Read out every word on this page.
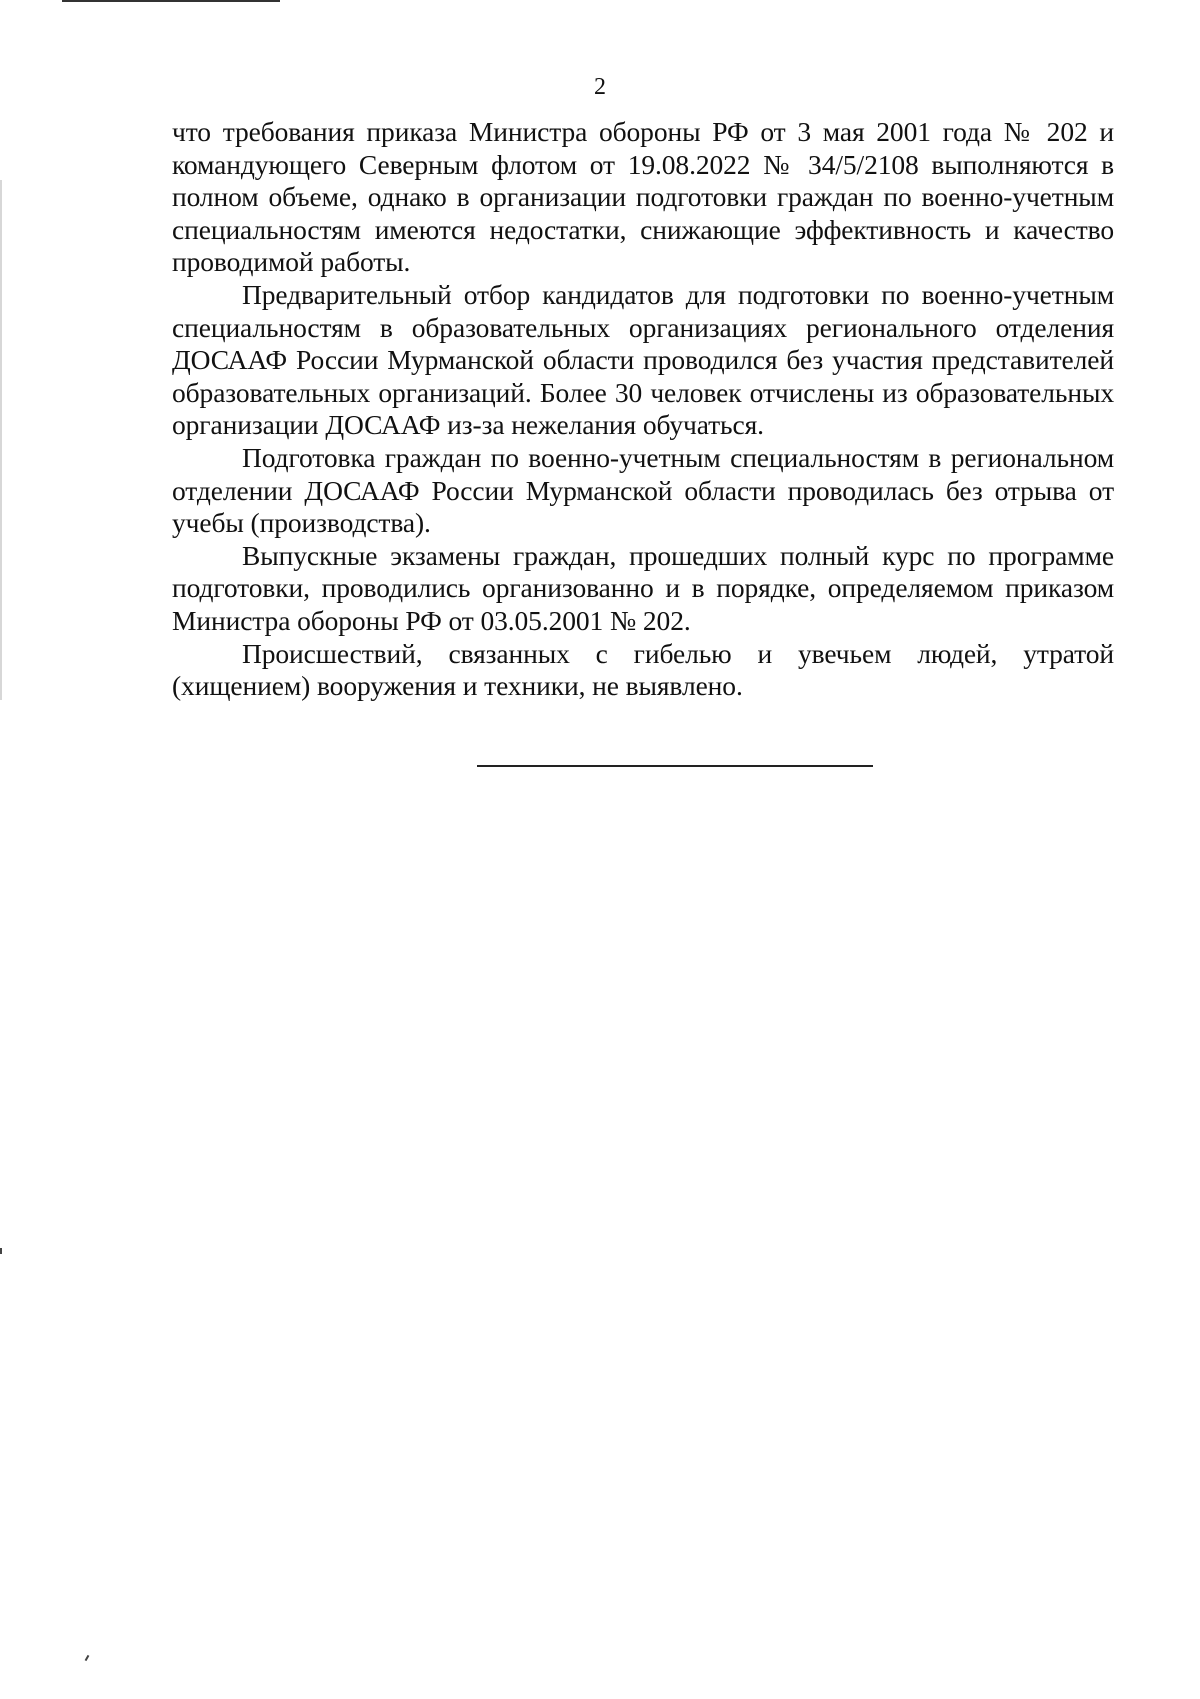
2

что требования приказа Министра обороны РФ от 3 мая 2001 года № 202 и командующего Северным флотом от 19.08.2022 № 34/5/2108 выполняются в полном объеме, однако в организации подготовки граждан по военно-учетным специальностям имеются недостатки, снижающие эффективность и качество проводимой работы.

Предварительный отбор кандидатов для подготовки по военно-учетным специальностям в образовательных организациях регионального отделения ДОСААФ России Мурманской области проводился без участия представителей образовательных организаций. Более 30 человек отчислены из образовательных организации ДОСААФ из-за нежелания обучаться.

Подготовка граждан по военно-учетным специальностям в региональном отделении ДОСААФ России Мурманской области проводилась без отрыва от учебы (производства).

Выпускные экзамены граждан, прошедших полный курс по программе подготовки, проводились организованно и в порядке, определяемом приказом Министра обороны РФ от 03.05.2001 № 202.

Происшествий, связанных с гибелью и увечьем людей, утратой (хищением) вооружения и техники, не выявлено.
